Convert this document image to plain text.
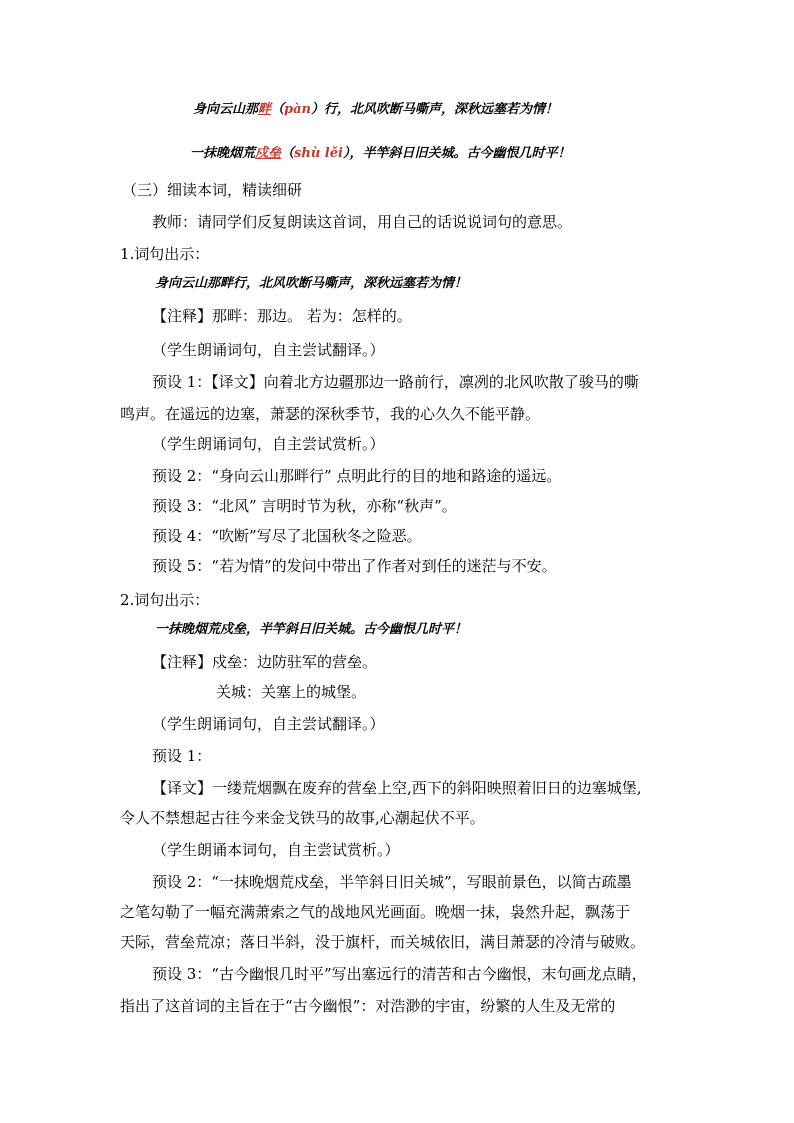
身向云山那畔（pàn）行，北风吹断马嘶声，深秋远塞若为情！
一抹晚烟荒戍垒（shù lěi），半竿斜日旧关城。古今幽恨几时平！
（三）细读本词，精读细研
教师：请同学们反复朗读这首词，用自己的话说说词句的意思。
1.词句出示：
身向云山那畔行，北风吹断马嘶声，深秋远塞若为情！
【注释】那畔：那边。 若为：怎样的。
（学生朗诵词句，自主尝试翻译。）
预设 1：【译文】向着北方边疆那边一路前行，凛冽的北风吹散了骏马的嘶
鸣声。在遥远的边塞，萧瑟的深秋季节，我的心久久不能平静。
（学生朗诵词句，自主尝试赏析。）
预设 2：“身向云山那畔行” 点明此行的目的地和路途的遥远。
预设 3：“北风” 言明时节为秋，亦称“秋声”。
预设 4：“吹断”写尽了北国秋冬之险恶。
预设 5：“若为情”的发问中带出了作者对到任的迷茫与不安。
2.词句出示：
一抹晚烟荒戍垒，半竿斜日旧关城。古今幽恨几时平！
【注释】戍垒：边防驻军的营垒。
关城：关塞上的城堡。
（学生朗诵词句，自主尝试翻译。）
预设 1：
【译文】一缕荒烟飘在废弃的营垒上空,西下的斜阳映照着旧日的边塞城堡,
令人不禁想起古往今来金戈铁马的故事,心潮起伏不平。
（学生朗诵本词句，自主尝试赏析。）
预设 2：“一抹晚烟荒戍垒，半竿斜日旧关城”，写眼前景色，以简古疏墨
之笔勾勒了一幅充满萧索之气的战地风光画面。晚烟一抹，袅然升起，飘荡于
天际，营垒荒凉；落日半斜，没于旗杆，而关城依旧，满目萧瑟的冷清与破败。
预设 3：“古今幽恨几时平”写出塞远行的清苦和古今幽恨，末句画龙点睛，
指出了这首词的主旨在于“古今幽恨”：对浩渺的宇宙，纷繁的人生及无常的
